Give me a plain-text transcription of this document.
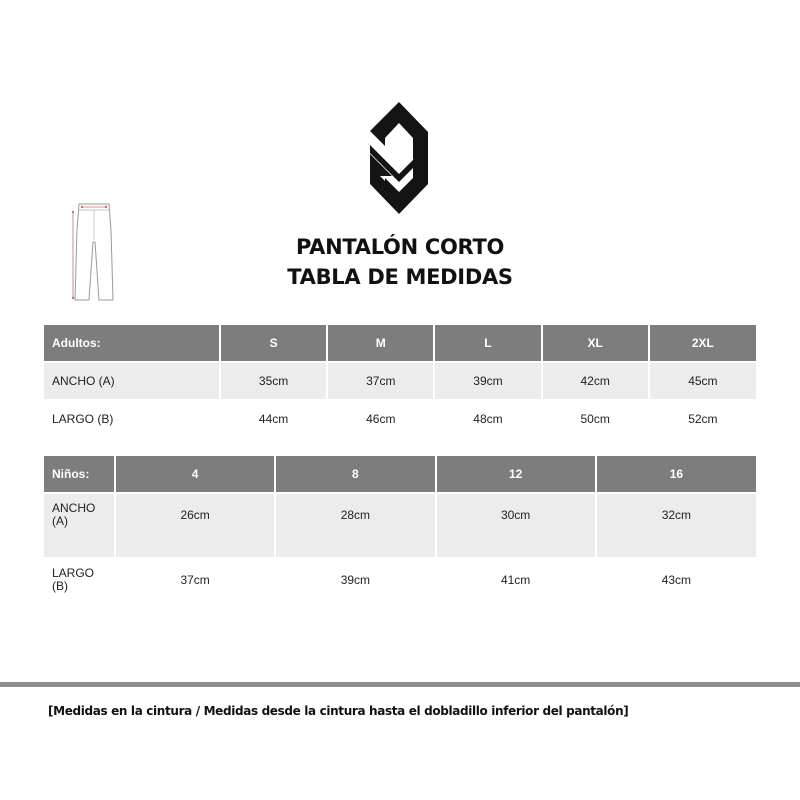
PANTALÓN CORTO
TABLA DE MEDIDAS
Adultos:	S	M	L	XL	2XL
ANCHO (A)	35cm	37cm	39cm	42cm	45cm
LARGO (B)	44cm	46cm	48cm	50cm	52cm
Niños:	4	8	12	16
ANCHO (A)	26cm	28cm	30cm	32cm
LARGO (B)	37cm	39cm	41cm	43cm
[Medidas en la cintura / Medidas desde la cintura hasta el dobladillo inferior del pantalón]
